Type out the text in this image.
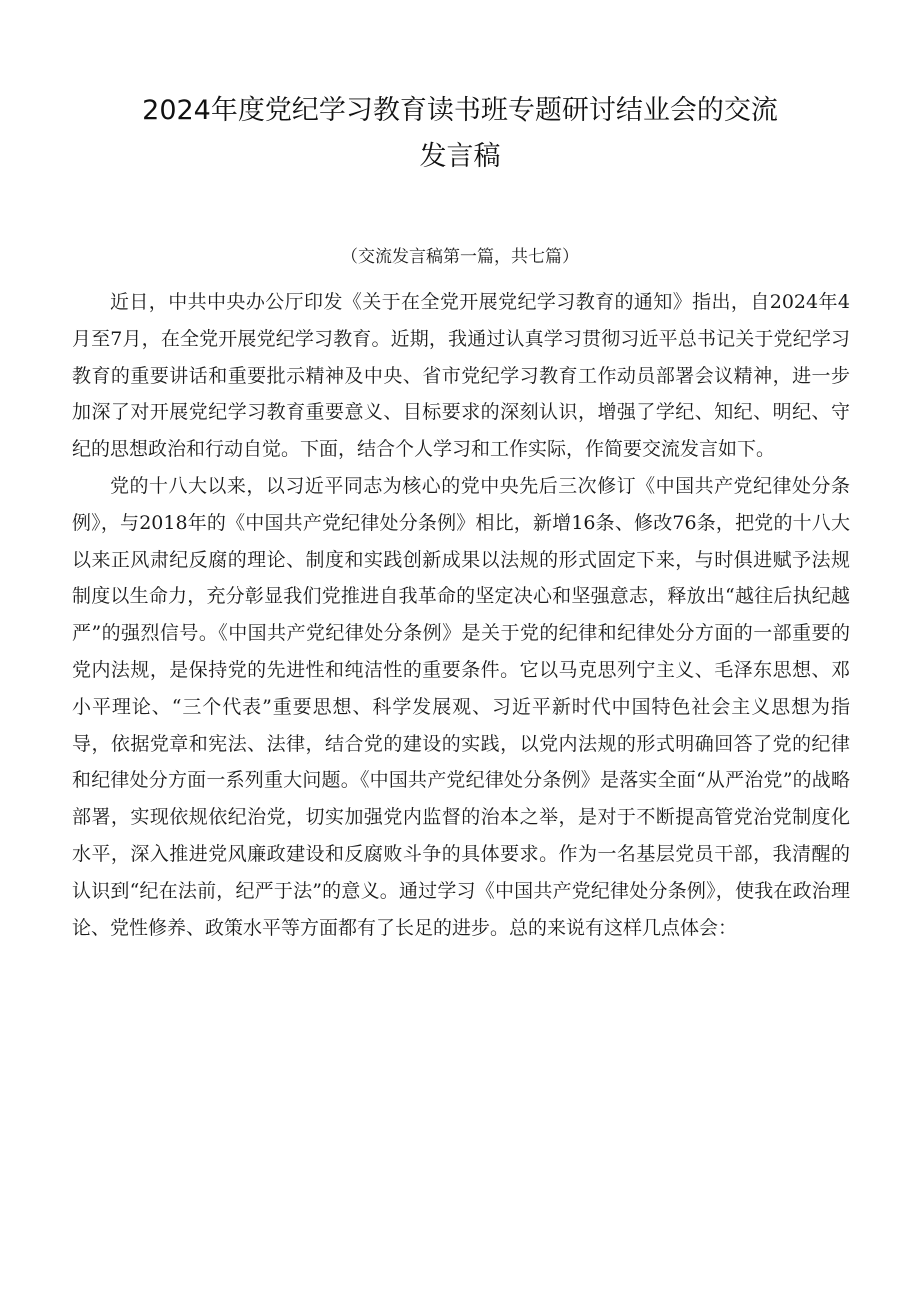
2024年度党纪学习教育读书班专题研讨结业会的交流
发言稿
（交流发言稿第一篇，共七篇）

近日，中共中央办公厅印发《关于在全党开展党纪学习教育的通知》指出，自2024年4月至7月，在全党开展党纪学习教育。近期，我通过认真学习贯彻习近平总书记关于党纪学习教育的重要讲话和重要批示精神及中央、省市党纪学习教育工作动员部署会议精神，进一步加深了对开展党纪学习教育重要意义、目标要求的深刻认识，增强了学纪、知纪、明纪、守纪的思想政治和行动自觉。下面，结合个人学习和工作实际，作简要交流发言如下。

党的十八大以来，以习近平同志为核心的党中央先后三次修订《中国共产党纪律处分条例》，与2018年的《中国共产党纪律处分条例》相比，新增16条、修改76条，把党的十八大以来正风肃纪反腐的理论、制度和实践创新成果以法规的形式固定下来，与时俱进赋予法规制度以生命力，充分彰显我们党推进自我革命的坚定决心和坚强意志，释放出“越往后执纪越严”的强烈信号。《中国共产党纪律处分条例》是关于党的纪律和纪律处分方面的一部重要的党内法规，是保持党的先进性和纯洁性的重要条件。它以马克思列宁主义、毛泽东思想、邓小平理论、“三个代表”重要思想、科学发展观、习近平新时代中国特色社会主义思想为指导，依据党章和宪法、法律，结合党的建设的实践，以党内法规的形式明确回答了党的纪律和纪律处分方面一系列重大问题。《中国共产党纪律处分条例》是落实全面“从严治党”的战略部署，实现依规依纪治党，切实加强党内监督的治本之举，是对于不断提高管党治党制度化水平，深入推进党风廉政建设和反腐败斗争的具体要求。作为一名基层党员干部，我清醒的认识到“纪在法前，纪严于法”的意义。通过学习《中国共产党纪律处分条例》，使我在政治理论、党性修养、政策水平等方面都有了长足的进步。总的来说有这样几点体会：
